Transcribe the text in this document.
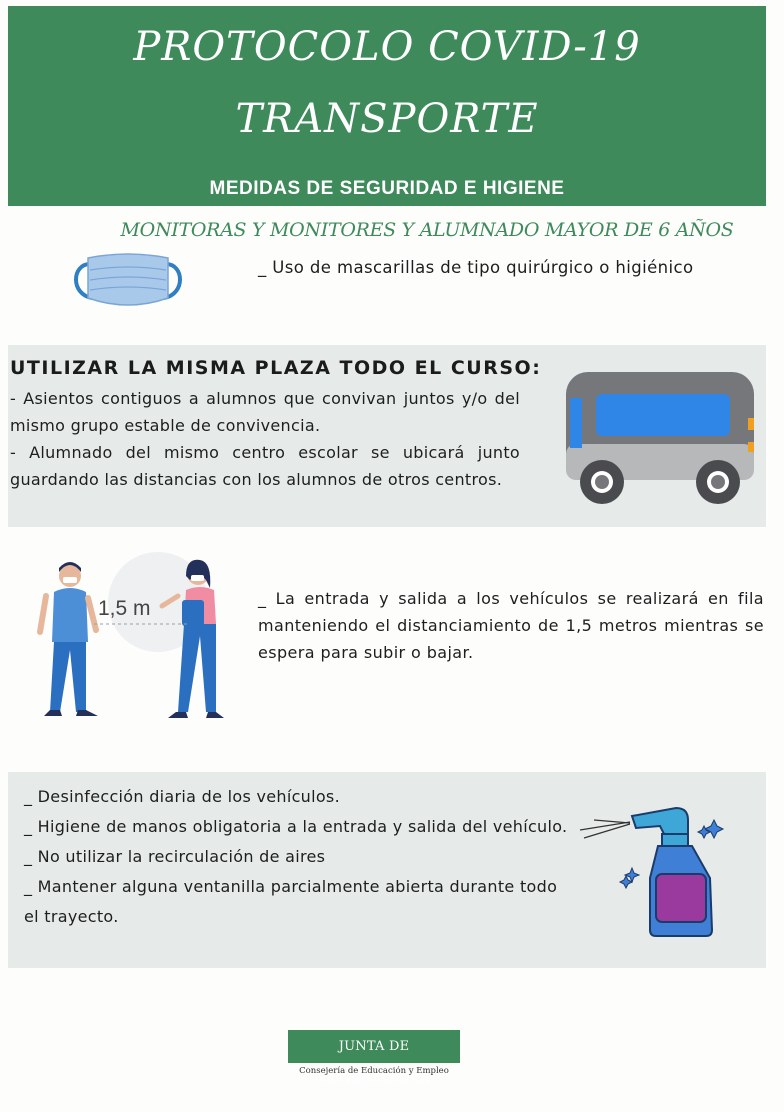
PROTOCOLO COVID-19
TRANSPORTE
MEDIDAS DE SEGURIDAD E HIGIENE
MONITORAS Y MONITORES Y ALUMNADO MAYOR DE 6 AÑOS
_ Uso de mascarillas de tipo quirúrgico o higiénico
UTILIZAR LA MISMA PLAZA TODO EL CURSO:

- Asientos contiguos a alumnos que convivan juntos y/o del mismo grupo estable de convivencia.

- Alumnado del mismo centro escolar se ubicará junto guardando las distancias con los alumnos de otros centros.

1,5 m	_ La entrada y salida a los vehículos se realizará en fila manteniendo el distanciamiento de 1,5 metros mientras se espera para subir o bajar.

_ Desinfección diaria de los vehículos.

_ Higiene de manos obligatoria a la entrada y salida del vehículo.

_ No utilizar la recirculación de aires

_ Mantener alguna ventanilla parcialmente abierta durante todo el trayecto.

JUNTA DE EXTREMADURA
Consejería de Educación y Empleo
